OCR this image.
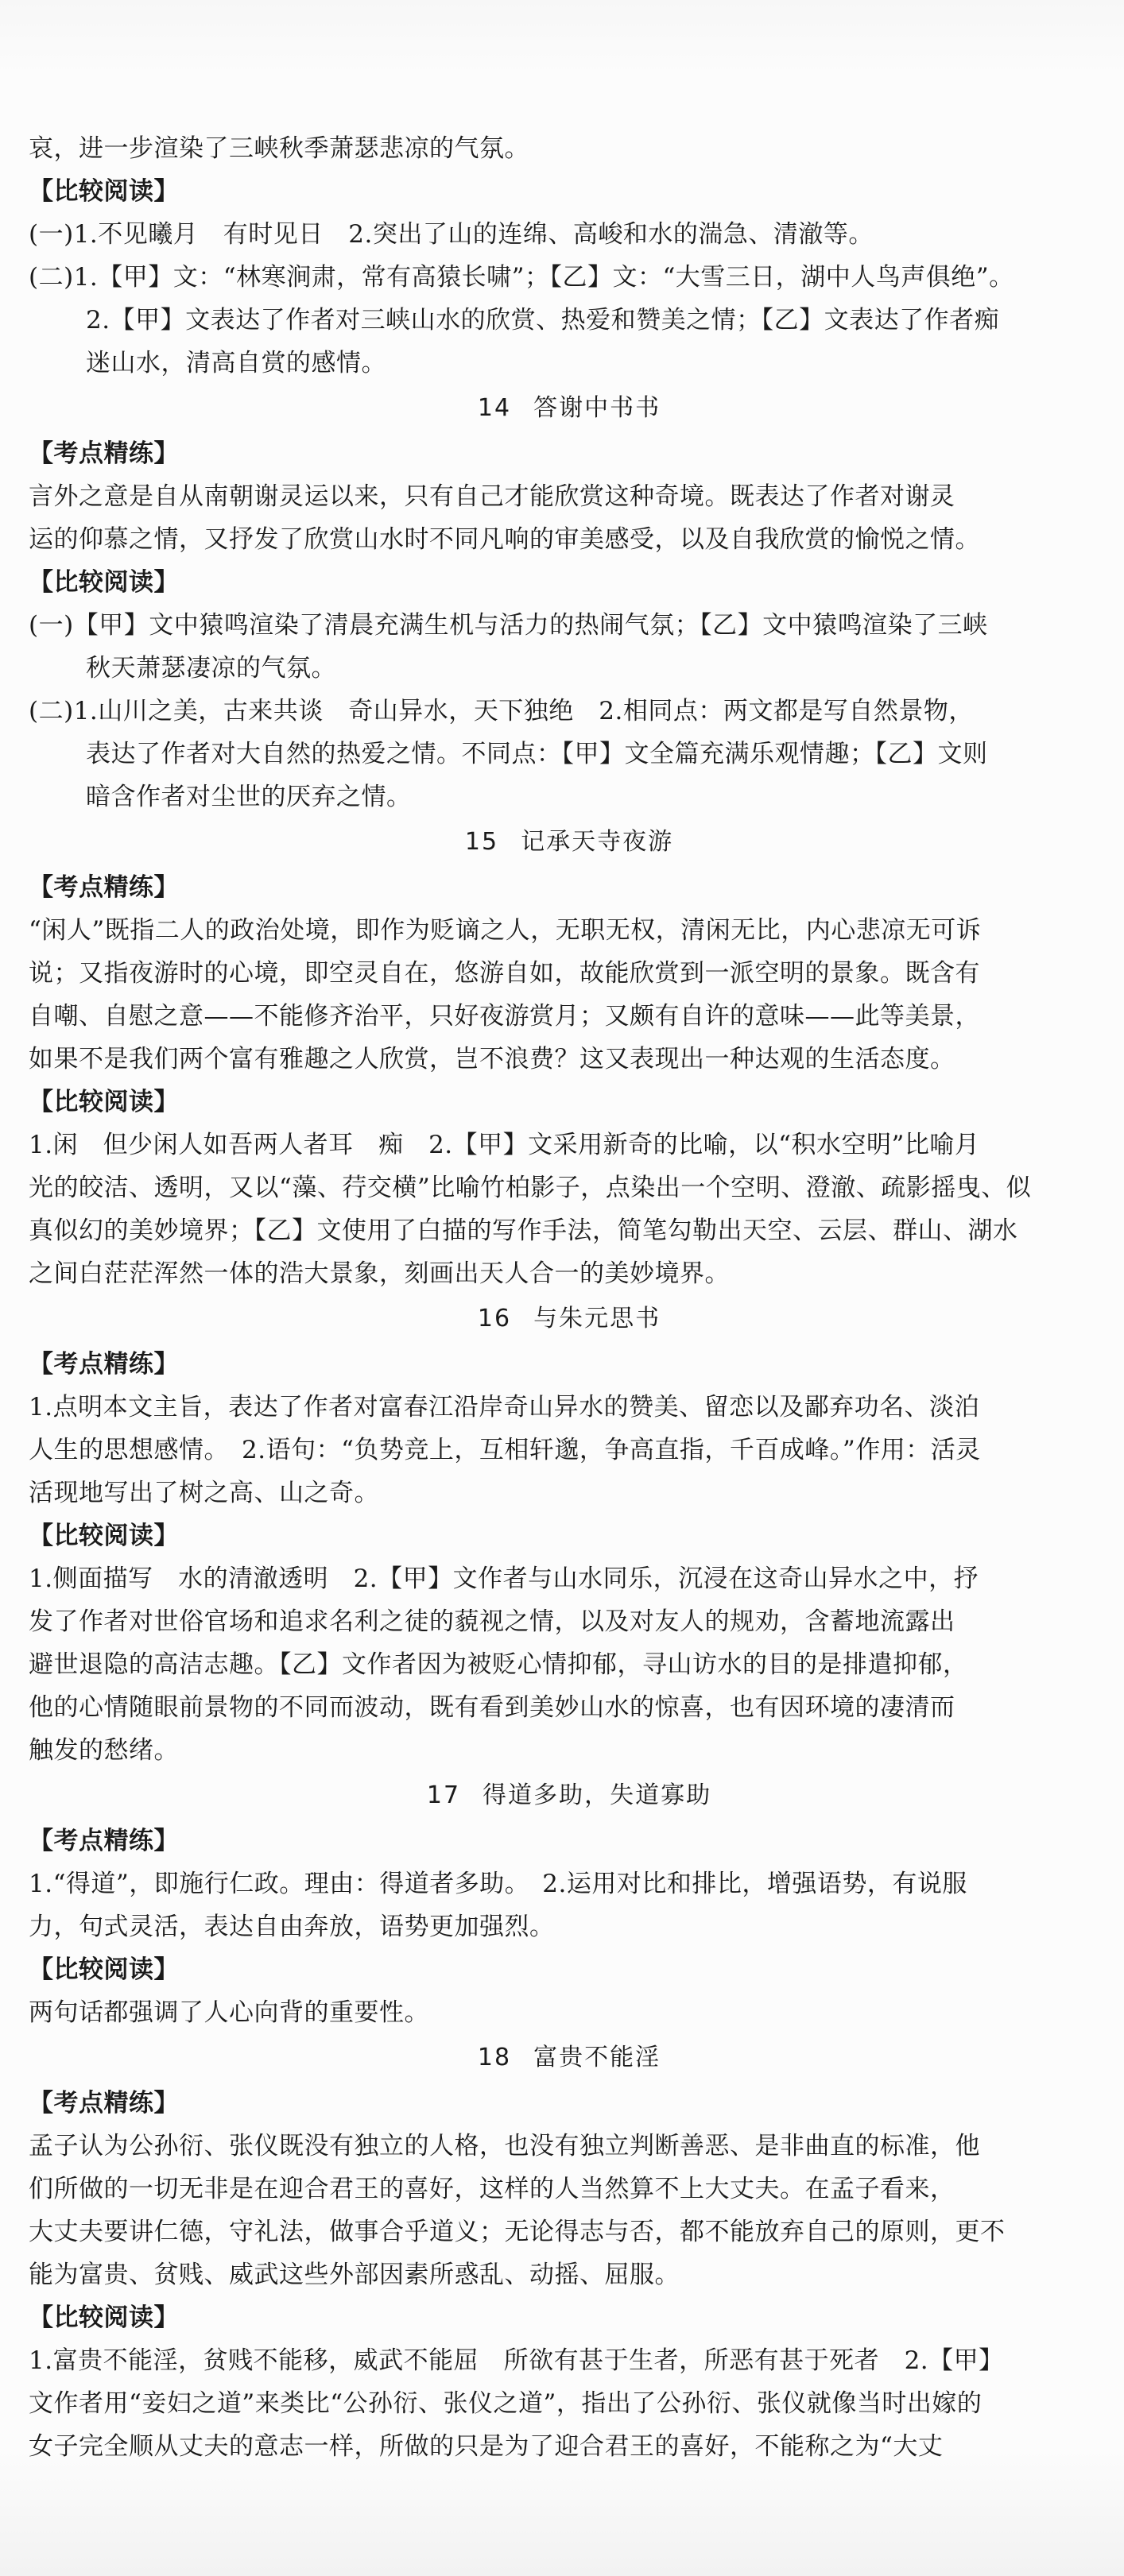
哀，进一步渲染了三峡秋季萧瑟悲凉的气氛。
【比较阅读】
(一)1.不见曦月　有时见日　2.突出了山的连绵、高峻和水的湍急、清澈等。
(二)1.【甲】文：“林寒涧肃，常有高猿长啸”；【乙】文：“大雪三日，湖中人鸟声俱绝”。
2.【甲】文表达了作者对三峡山水的欣赏、热爱和赞美之情；【乙】文表达了作者痴
迷山水，清高自赏的感情。
14 答谢中书书
【考点精练】
言外之意是自从南朝谢灵运以来，只有自己才能欣赏这种奇境。既表达了作者对谢灵
运的仰慕之情，又抒发了欣赏山水时不同凡响的审美感受，以及自我欣赏的愉悦之情。
【比较阅读】
(一)【甲】文中猿鸣渲染了清晨充满生机与活力的热闹气氛；【乙】文中猿鸣渲染了三峡
秋天萧瑟凄凉的气氛。
(二)1.山川之美，古来共谈　奇山异水，天下独绝　2.相同点：两文都是写自然景物，
表达了作者对大自然的热爱之情。不同点：【甲】文全篇充满乐观情趣；【乙】文则
暗含作者对尘世的厌弃之情。
15 记承天寺夜游
【考点精练】
“闲人”既指二人的政治处境，即作为贬谪之人，无职无权，清闲无比，内心悲凉无可诉
说；又指夜游时的心境，即空灵自在，悠游自如，故能欣赏到一派空明的景象。既含有
自嘲、自慰之意——不能修齐治平，只好夜游赏月；又颇有自许的意味——此等美景，
如果不是我们两个富有雅趣之人欣赏，岂不浪费？这又表现出一种达观的生活态度。
【比较阅读】
1.闲　但少闲人如吾两人者耳　痴　2.【甲】文采用新奇的比喻，以“积水空明”比喻月
光的皎洁、透明，又以“藻、荇交横”比喻竹柏影子，点染出一个空明、澄澈、疏影摇曳、似
真似幻的美妙境界；【乙】文使用了白描的写作手法，简笔勾勒出天空、云层、群山、湖水
之间白茫茫浑然一体的浩大景象，刻画出天人合一的美妙境界。
16 与朱元思书
【考点精练】
1.点明本文主旨，表达了作者对富春江沿岸奇山异水的赞美、留恋以及鄙弃功名、淡泊
人生的思想感情。　2.语句：“负势竞上，互相轩邈，争高直指，千百成峰。”作用：活灵
活现地写出了树之高、山之奇。
【比较阅读】
1.侧面描写　水的清澈透明　2.【甲】文作者与山水同乐，沉浸在这奇山异水之中，抒
发了作者对世俗官场和追求名利之徒的藐视之情，以及对友人的规劝，含蓄地流露出
避世退隐的高洁志趣。【乙】文作者因为被贬心情抑郁，寻山访水的目的是排遣抑郁，
他的心情随眼前景物的不同而波动，既有看到美妙山水的惊喜，也有因环境的凄清而
触发的愁绪。
17 得道多助，失道寡助
【考点精练】
1.“得道”，即施行仁政。理由：得道者多助。　2.运用对比和排比，增强语势，有说服
力，句式灵活，表达自由奔放，语势更加强烈。
【比较阅读】
两句话都强调了人心向背的重要性。
18 富贵不能淫
【考点精练】
孟子认为公孙衍、张仪既没有独立的人格，也没有独立判断善恶、是非曲直的标准，他
们所做的一切无非是在迎合君王的喜好，这样的人当然算不上大丈夫。在孟子看来，
大丈夫要讲仁德，守礼法，做事合乎道义；无论得志与否，都不能放弃自己的原则，更不
能为富贵、贫贱、威武这些外部因素所惑乱、动摇、屈服。
【比较阅读】
1.富贵不能淫，贫贱不能移，威武不能屈　所欲有甚于生者，所恶有甚于死者　2.【甲】
文作者用“妾妇之道”来类比“公孙衍、张仪之道”，指出了公孙衍、张仪就像当时出嫁的
女子完全顺从丈夫的意志一样，所做的只是为了迎合君王的喜好，不能称之为“大丈
